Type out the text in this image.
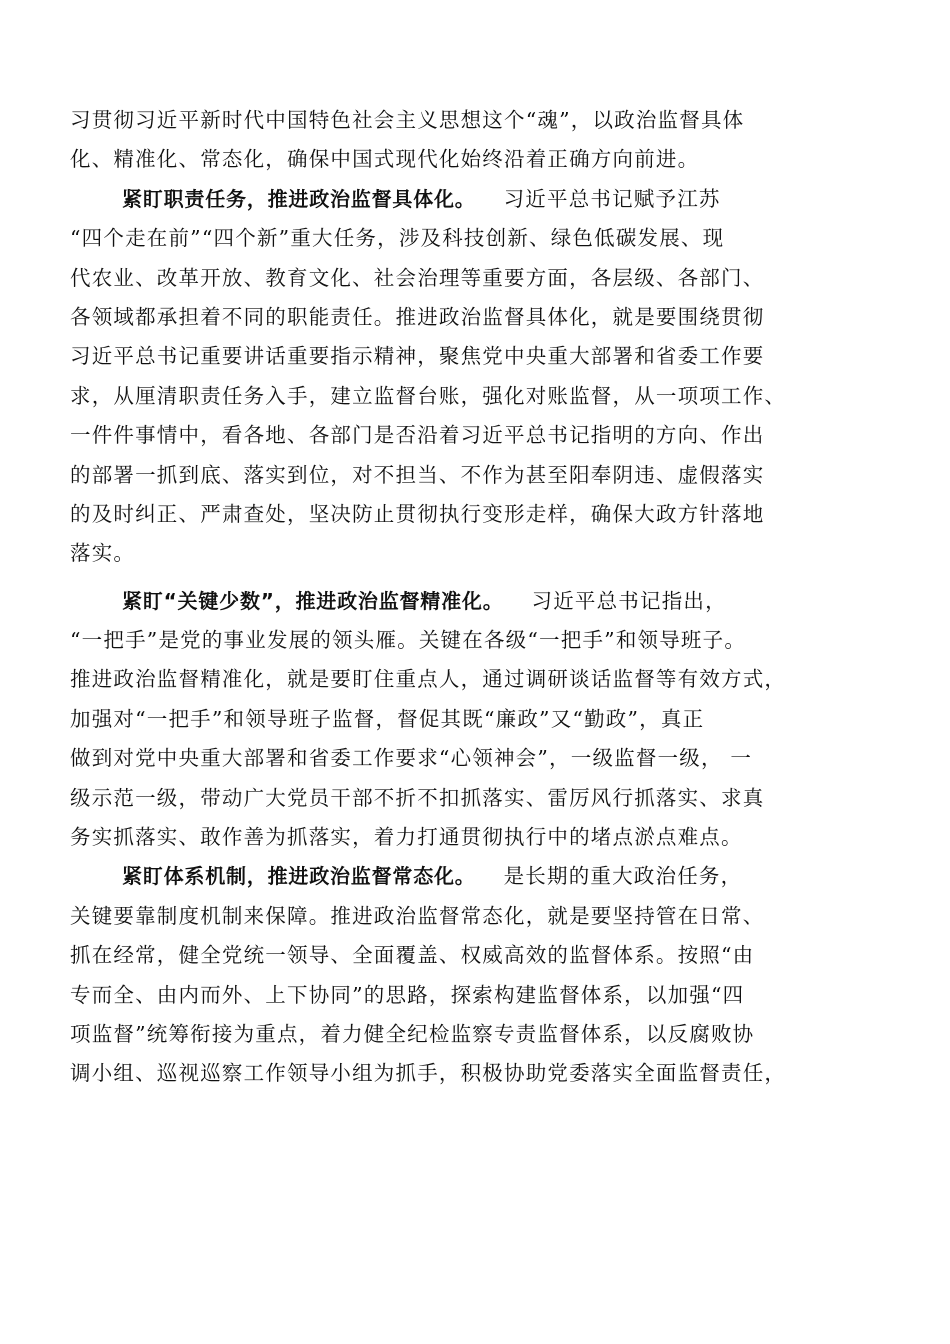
习贯彻习近平新时代中国特色社会主义思想这个“魂”，以政治监督具体
化、精准化、常态化，确保中国式现代化始终沿着正确方向前进。
紧盯职责任务，推进政治监督具体化。 习近平总书记赋予江苏
“四个走在前”“四个新”重大任务，涉及科技创新、绿色低碳发展、现
代农业、改革开放、教育文化、社会治理等重要方面，各层级、各部门、
各领域都承担着不同的职能责任。推进政治监督具体化，就是要围绕贯彻
习近平总书记重要讲话重要指示精神，聚焦党中央重大部署和省委工作要
求，从厘清职责任务入手，建立监督台账，强化对账监督，从一项项工作、
一件件事情中，看各地、各部门是否沿着习近平总书记指明的方向、作出
的部署一抓到底、落实到位，对不担当、不作为甚至阳奉阴违、虚假落实
的及时纠正、严肃查处，坚决防止贯彻执行变形走样，确保大政方针落地
落实。
紧盯“关键少数”，推进政治监督精准化。 习近平总书记指出，
“一把手”是党的事业发展的领头雁。关键在各级“一把手”和领导班子。
推进政治监督精准化，就是要盯住重点人，通过调研谈话监督等有效方式，
加强对“一把手”和领导班子监督，督促其既“廉政”又“勤政”，真正
做到对党中央重大部署和省委工作要求“心领神会”，一级监督一级， 一
级示范一级，带动广大党员干部不折不扣抓落实、雷厉风行抓落实、求真
务实抓落实、敢作善为抓落实，着力打通贯彻执行中的堵点淤点难点。
紧盯体系机制，推进政治监督常态化。 是长期的重大政治任务，
关键要靠制度机制来保障。推进政治监督常态化，就是要坚持管在日常、
抓在经常，健全党统一领导、全面覆盖、权威高效的监督体系。按照“由
专而全、由内而外、上下协同”的思路，探索构建监督体系，以加强“四
项监督”统筹衔接为重点，着力健全纪检监察专责监督体系，以反腐败协
调小组、巡视巡察工作领导小组为抓手，积极协助党委落实全面监督责任，
